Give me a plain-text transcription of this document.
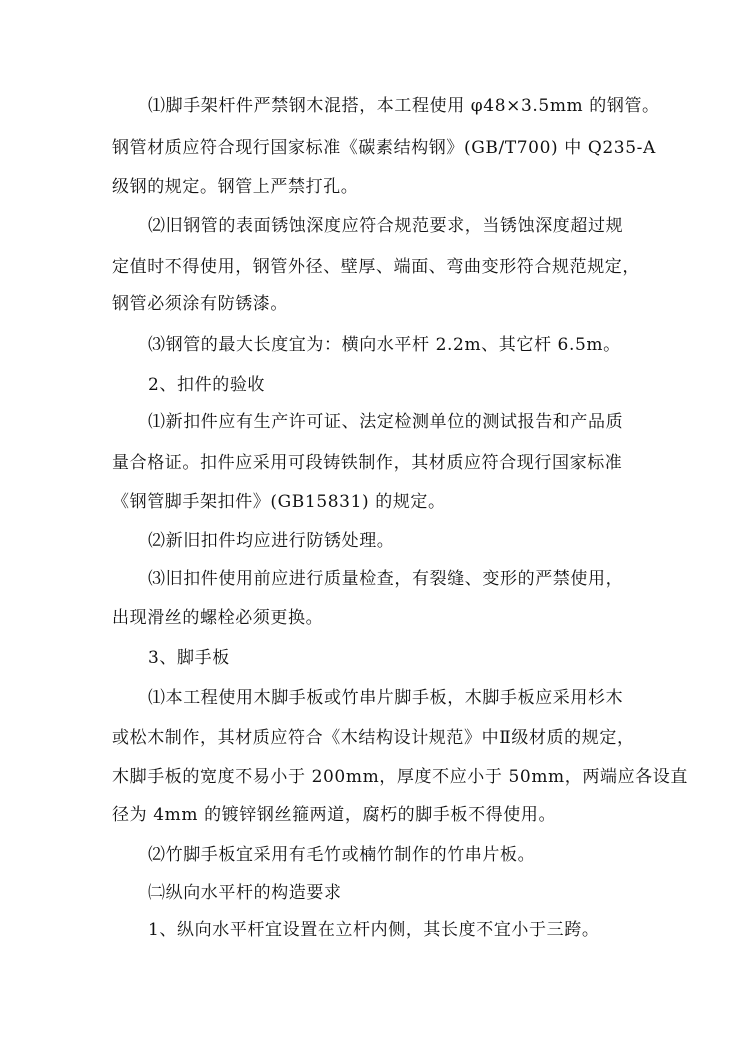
⑴脚手架杆件严禁钢木混搭，本工程使用 φ48×3.5mm 的钢管。
钢管材质应符合现行国家标准《碳素结构钢》(GB/T700) 中 Q235-A
级钢的规定。钢管上严禁打孔。
⑵旧钢管的表面锈蚀深度应符合规范要求，当锈蚀深度超过规
定值时不得使用，钢管外径、壁厚、端面、弯曲变形符合规范规定，
钢管必须涂有防锈漆。
⑶钢管的最大长度宜为：横向水平杆 2.2m、其它杆 6.5m。
2、扣件的验收
⑴新扣件应有生产许可证、法定检测单位的测试报告和产品质
量合格证。扣件应采用可段铸铁制作，其材质应符合现行国家标准
《钢管脚手架扣件》(GB15831) 的规定。
⑵新旧扣件均应进行防锈处理。
⑶旧扣件使用前应进行质量检查，有裂缝、变形的严禁使用，
出现滑丝的螺栓必须更换。
3、脚手板
⑴本工程使用木脚手板或竹串片脚手板，木脚手板应采用杉木
或松木制作，其材质应符合《木结构设计规范》中Ⅱ级材质的规定，
木脚手板的宽度不易小于 200mm，厚度不应小于 50mm，两端应各设直
径为 4mm 的镀锌钢丝箍两道，腐朽的脚手板不得使用。
⑵竹脚手板宜采用有毛竹或楠竹制作的竹串片板。
㈡纵向水平杆的构造要求
1、纵向水平杆宜设置在立杆内侧，其长度不宜小于三跨。
